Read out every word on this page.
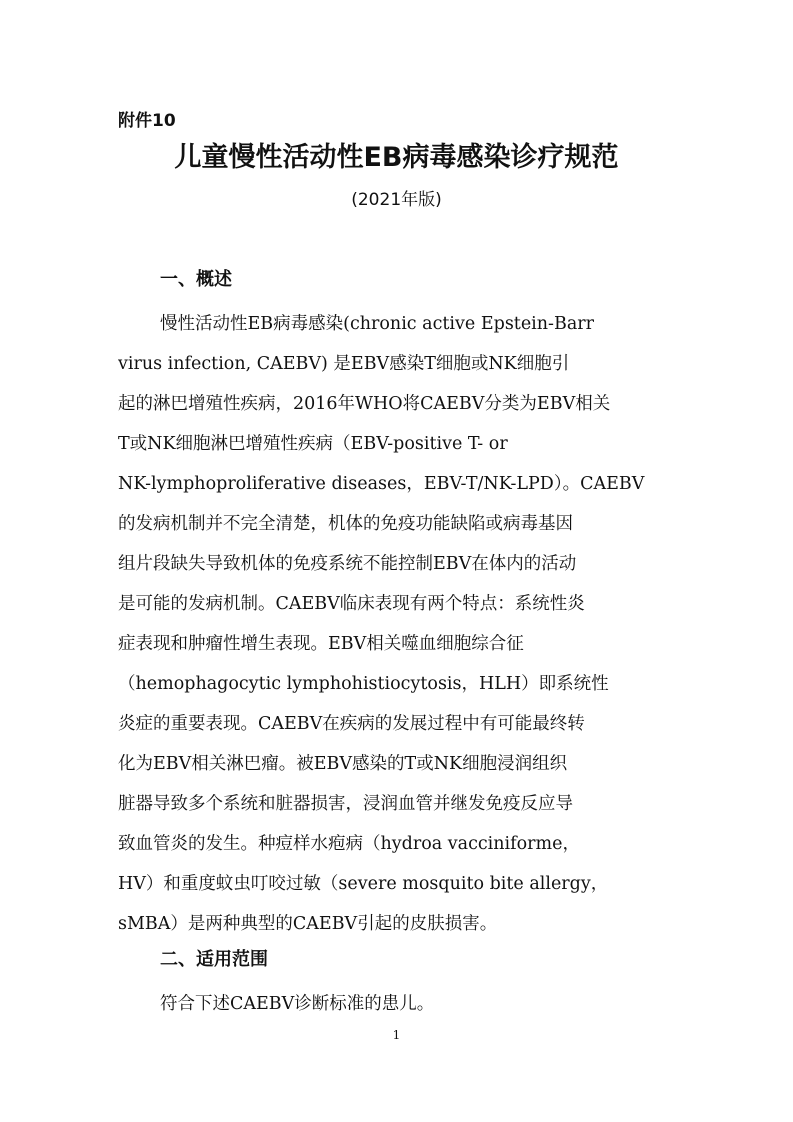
附件10
儿童慢性活动性EB病毒感染诊疗规范
(2021年版)
一、概述
慢性活动性EB病毒感染(chronic active Epstein-Barr
virus infection, CAEBV) 是EBV感染T细胞或NK细胞引
起的淋巴增殖性疾病，2016年WHO将CAEBV分类为EBV相关
T或NK细胞淋巴增殖性疾病（EBV-positive T- or
NK-lymphoproliferative diseases，EBV-T/NK-LPD）。CAEBV
的发病机制并不完全清楚，机体的免疫功能缺陷或病毒基因
组片段缺失导致机体的免疫系统不能控制EBV在体内的活动
是可能的发病机制。CAEBV临床表现有两个特点：系统性炎
症表现和肿瘤性增生表现。EBV相关噬血细胞综合征
（hemophagocytic lymphohistiocytosis，HLH）即系统性
炎症的重要表现。CAEBV在疾病的发展过程中有可能最终转
化为EBV相关淋巴瘤。被EBV感染的T或NK细胞浸润组织
脏器导致多个系统和脏器损害，浸润血管并继发免疫反应导
致血管炎的发生。种痘样水疱病（hydroa vacciniforme，
HV）和重度蚊虫叮咬过敏（severe mosquito bite allergy，
sMBA）是两种典型的CAEBV引起的皮肤损害。
二、适用范围
符合下述CAEBV诊断标准的患儿。
1
